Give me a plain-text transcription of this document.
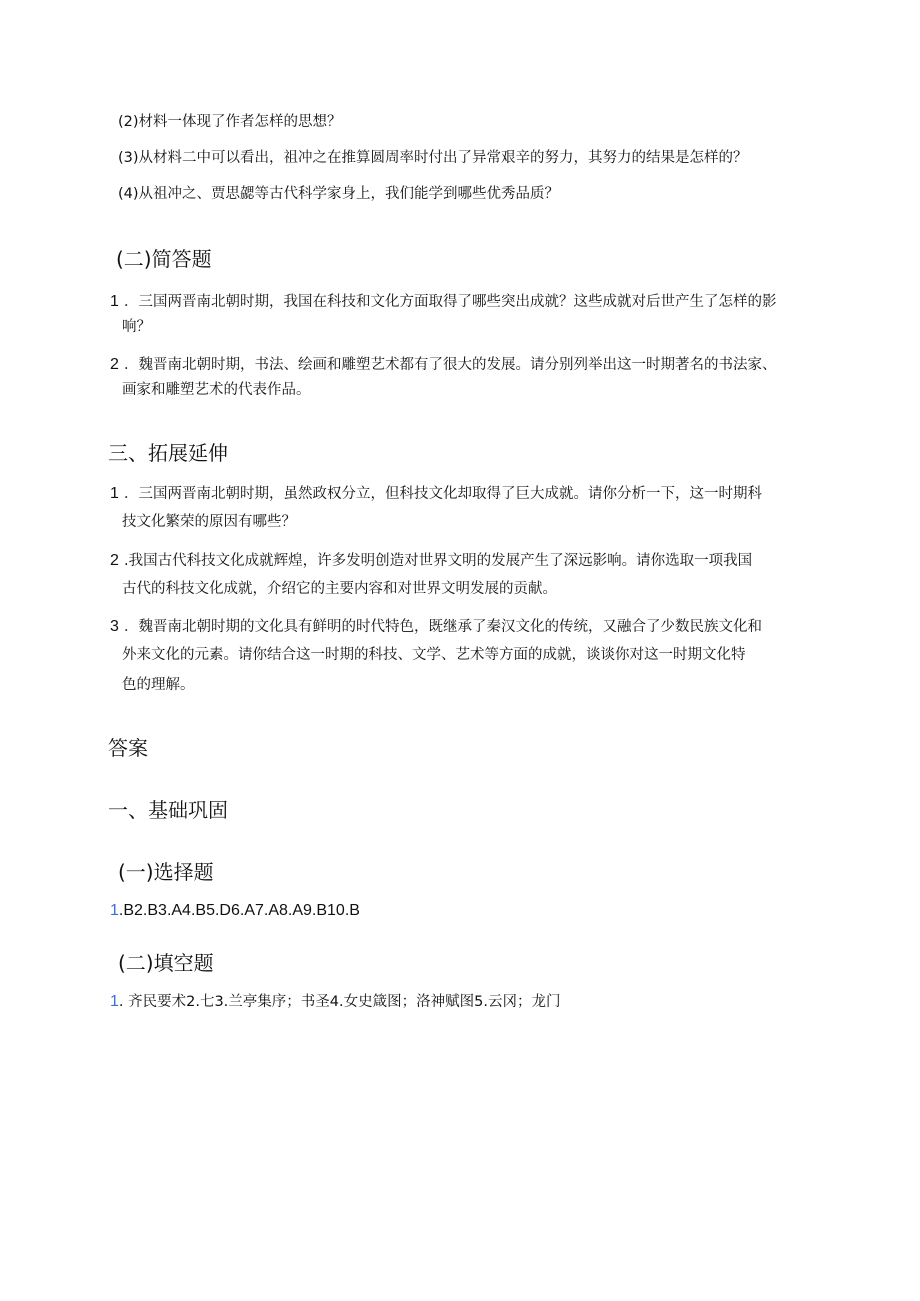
(2)材料一体现了作者怎样的思想？
(3)从材料二中可以看出，祖冲之在推算圆周率时付出了异常艰辛的努力，其努力的结果是怎样的？
(4)从祖冲之、贾思勰等古代科学家身上，我们能学到哪些优秀品质？
(二)简答题
1 ．三国两晋南北朝时期，我国在科技和文化方面取得了哪些突出成就？这些成就对后世产生了怎样的影
响？
2 ．魏晋南北朝时期，书法、绘画和雕塑艺术都有了很大的发展。请分别列举出这一时期著名的书法家、
画家和雕塑艺术的代表作品。
三、拓展延伸
1 ．三国两晋南北朝时期，虽然政权分立，但科技文化却取得了巨大成就。请你分析一下，这一时期科
技文化繁荣的原因有哪些？
2 .我国古代科技文化成就辉煌，许多发明创造对世界文明的发展产生了深远影响。请你选取一项我国
古代的科技文化成就，介绍它的主要内容和对世界文明发展的贡献。
3 ．魏晋南北朝时期的文化具有鲜明的时代特色，既继承了秦汉文化的传统，又融合了少数民族文化和
外来文化的元素。请你结合这一时期的科技、文学、艺术等方面的成就，谈谈你对这一时期文化特
色的理解。
答案
一、基础巩固
(一)选择题
1.B2.B3.A4.B5.D6.A7.A8.A9.B10.B
(二)填空题
1. 齐民要术2.七3.兰亭集序；书圣4.女史箴图；洛神赋图5.云冈；龙门
